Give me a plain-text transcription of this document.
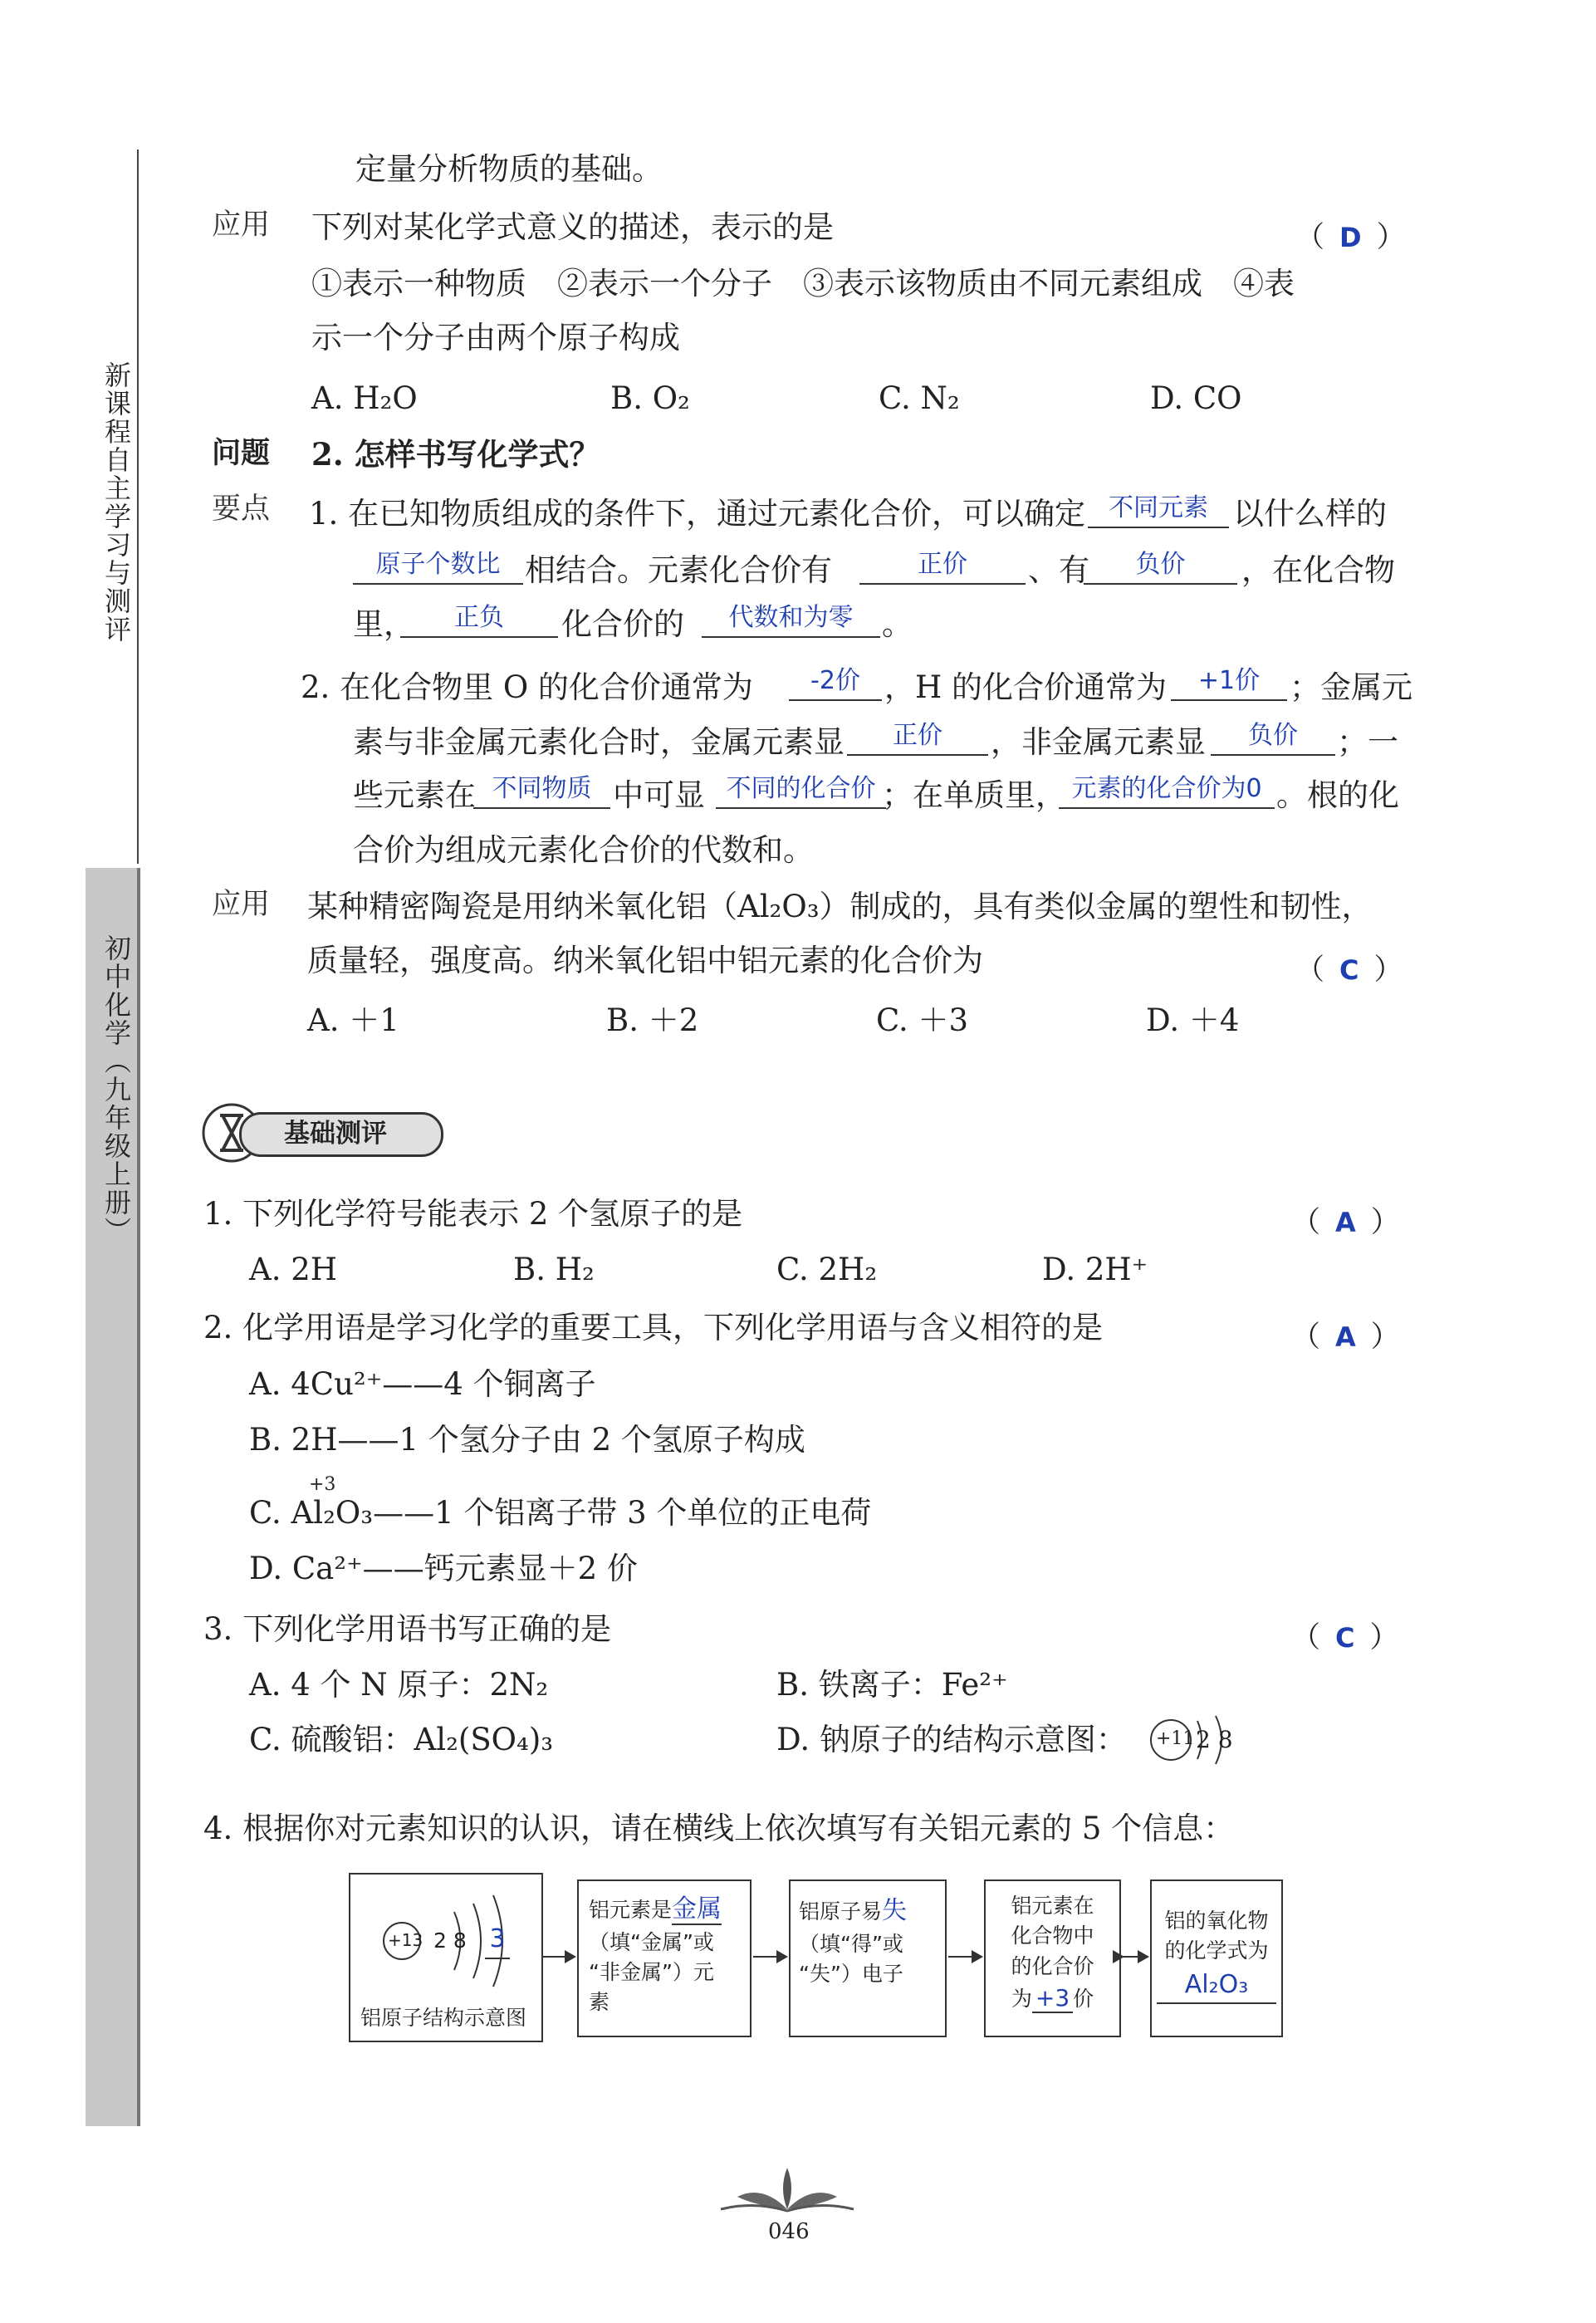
新课程自主学习与测评
初中化学（九年级上册）
定量分析物质的基础。
应用 下列对某化学式意义的描述，表示的是	（ D ）
①表示一种物质　②表示一个分子　③表示该物质由不同元素组成　④表
示一个分子由两个原子构成
A. H₂O	B. O₂	C. N₂	D. CO
问题 2. 怎样书写化学式？
要点 1. 在已知物质组成的条件下，通过元素化合价，可以确定 不同元素 以什么样的
原子个数比 相结合。元素化合价有	正价	、有	负价	，在化合物
里，	正负	化合价的	代数和为零 。
2. 在化合物里 O 的化合价通常为	-2价 ，H 的化合价通常为	+1价 ；金属元
素与非金属元素化合时，金属元素显	正价	，非金属元素显	负价	；一
些元素在 不同物质 中可显 不同的化合价 ；在单质里， 元素的化合价为0 。根的化
合价为组成元素化合价的代数和。
应用 某种精密陶瓷是用纳米氧化铝（Al₂O₃）制成的，具有类似金属的塑性和韧性，
质量轻，强度高。纳米氧化铝中铝元素的化合价为	（ C ）
A. ＋1	B. ＋2	C. ＋3	D. ＋4
基础测评
1. 下列化学符号能表示 2 个氢原子的是	（ A ）
A. 2H	B. H₂	C. 2H₂	D. 2H⁺
2. 化学用语是学习化学的重要工具，下列化学用语与含义相符的是	（ A ）
A. 4Cu²⁺——4 个铜离子
B. 2H——1 个氢分子由 2 个氢原子构成
+3
C. Al₂O₃——1 个铝离子带 3 个单位的正电荷
D. Ca²⁺——钙元素显＋2 价
3. 下列化学用语书写正确的是	（ C ）
A. 4 个 N 原子：2N₂	B. 铁离子：Fe²⁺
C. 硫酸铝：Al₂(SO₄)₃	D. 钠原子的结构示意图： +11 2 8
4. 根据你对元素知识的认识，请在横线上依次填写有关铝元素的 5 个信息：
+13 2 8 3
铝原子结构示意图
铝元素是金属
（填“金属”或
“非金属”）元
素
铝原子易失
（填“得”或
“失”）电子
铝元素在
化合物中
的化合价
为 +3 价
铝的氧化物
的化学式为
Al₂O₃
046
